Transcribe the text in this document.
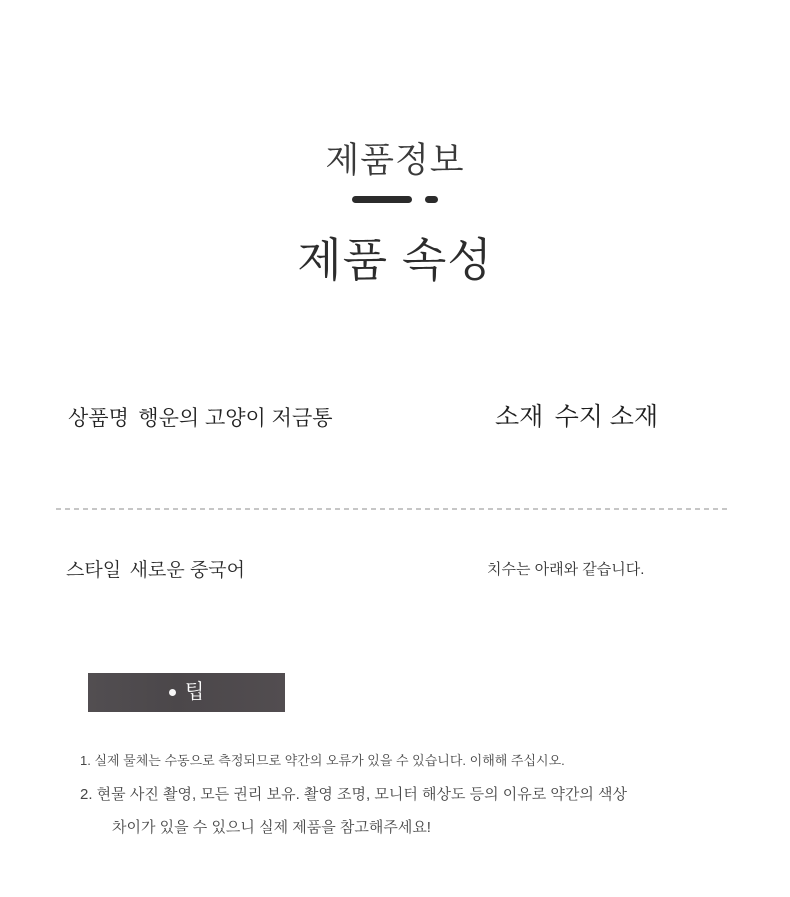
제품정보
제품 속성
상품명 행운의 고양이 저금통	소재 수지 소재
스타일 새로운 중국어	치수는 아래와 같습니다.
팁
1. 실제 물체는 수동으로 측정되므로 약간의 오류가 있을 수 있습니다. 이해해 주십시오.
2. 현물 사진 촬영, 모든 권리 보유. 촬영 조명, 모니터 해상도 등의 이유로 약간의 색상
차이가 있을 수 있으니 실제 제품을 참고해주세요!
